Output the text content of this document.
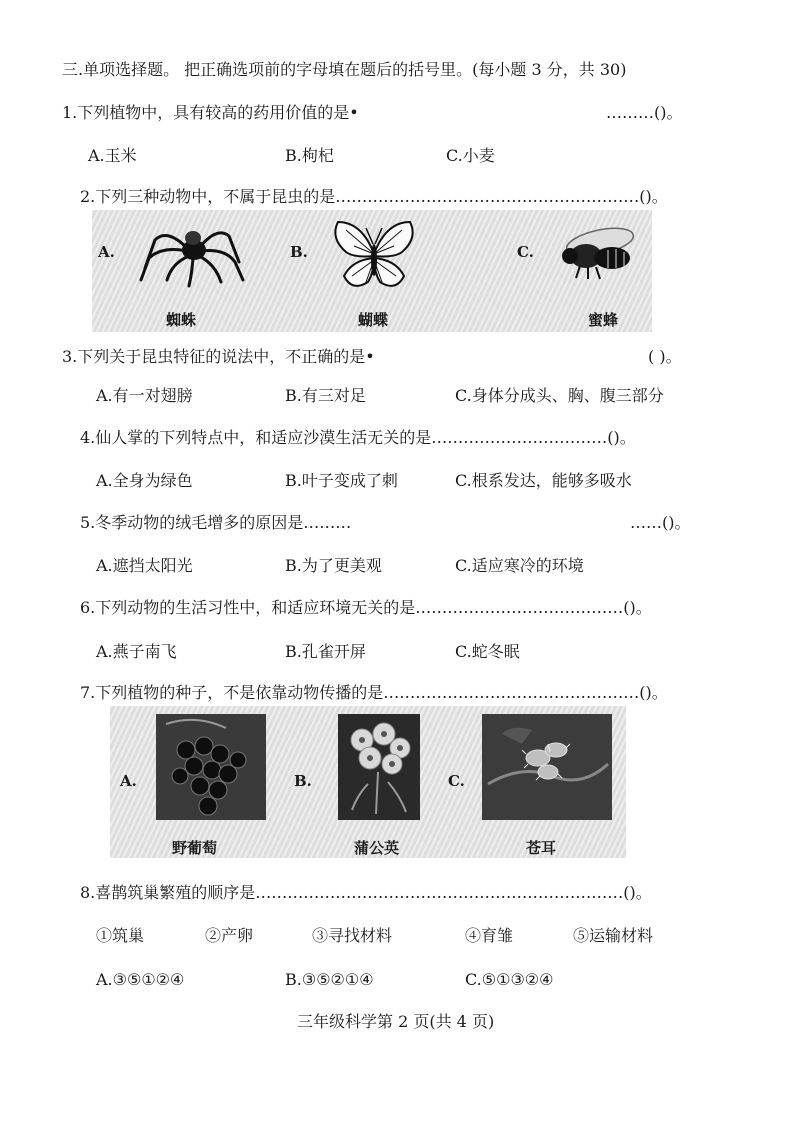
三.单项选择题。 把正确选项前的字母填在题后的括号里。(每小题 3 分，共 30)
1.下列植物中，具有较高的药用价值的是•	………()。
A.玉米	B.枸杞	C.小麦
2.下列三种动物中，不属于昆虫的是…………………………………………………()。
A.
蜘蛛
B.
蝴蝶
C.
蜜蜂
3.下列关于昆虫特征的说法中，不正确的是•	( )。
A.有一对翅膀	B.有三对足	C.身体分成头、胸、腹三部分
4.仙人掌的下列特点中，和适应沙漠生活无关的是……………………………()。
A.全身为绿色	B.叶子变成了刺	C.根系发达，能够多吸水
5.冬季动物的绒毛增多的原因是………	……()。
A.遮挡太阳光	B.为了更美观	C.适应寒冷的环境
6.下列动物的生活习性中，和适应环境无关的是…………………………………()。
A.燕子南飞	B.孔雀开屏	C.蛇冬眠
7.下列植物的种子，不是依靠动物传播的是…………………………………………()。
A.
野葡萄
B.
蒲公英
C.
苍耳
8.喜鹊筑巢繁殖的顺序是……………………………………………………………()。
①筑巢	②产卵	③寻找材料	④育雏	⑤运输材料
A.③⑤①②④	B.③⑤②①④	C.⑤①③②④
三年级科学第 2 页(共 4 页)
